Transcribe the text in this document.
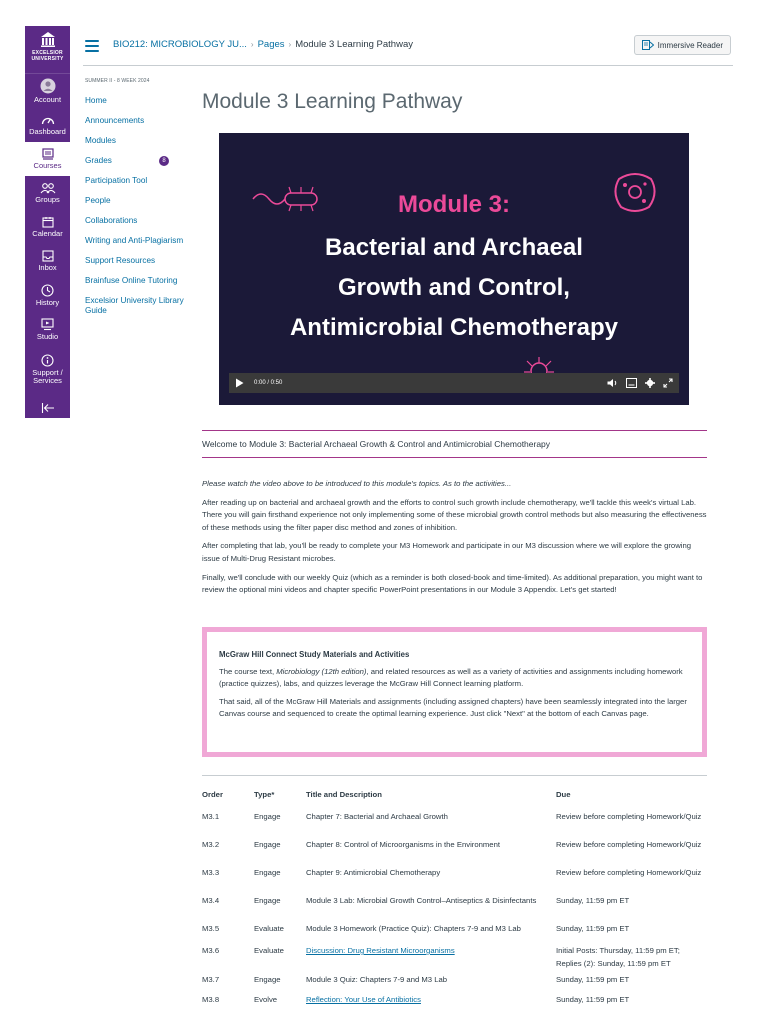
EXCELSIOR
UNIVERSITY
Account
Dashboard
Courses
Groups
Calendar
Inbox
History
Studio
Support / Services
BIO212: MICROBIOLOGY JU... › Pages › Module 3 Learning Pathway	Immersive Reader
SUMMER II - 8 WEEK 2024
Home
Announcements
Modules
Grades	8
Participation Tool
People
Collaborations
Writing and Anti-Plagiarism
Support Resources
Brainfuse Online Tutoring
Excelsior University Library Guide
Module 3 Learning Pathway
Module 3:
Bacterial and Archaeal
Growth and Control,
Antimicrobial Chemotherapy
0:00 / 0:50
Welcome to Module 3: Bacterial Archaeal Growth & Control and Antimicrobial Chemotherapy

Please watch the video above to be introduced to this module's topics. As to the activities...

After reading up on bacterial and archaeal growth and the efforts to control such growth include chemotherapy, we'll tackle this week's virtual Lab. There you will gain firsthand experience not only implementing some of these microbial growth control methods but also measuring the effectiveness of these methods using the filter paper disc method and zones of inhibition.

After completing that lab, you'll be ready to complete your M3 Homework and participate in our M3 discussion where we will explore the growing issue of Multi-Drug Resistant microbes.

Finally, we'll conclude with our weekly Quiz (which as a reminder is both closed-book and time-limited). As additional preparation, you might want to review the optional mini videos and chapter specific PowerPoint presentations in our Module 3 Appendix. Let's get started!

McGraw Hill Connect Study Materials and Activities

The course text, Microbiology (12th edition), and related resources as well as a variety of activities and assignments including homework (practice quizzes), labs, and quizzes leverage the McGraw Hill Connect learning platform.

That said, all of the McGraw Hill Materials and assignments (including assigned chapters) have been seamlessly integrated into the larger Canvas course and sequenced to create the optimal learning experience. Just click "Next" at the bottom of each Canvas page.

Order	Type*	Title and Description	Due
M3.1	Engage	Chapter 7: Bacterial and Archaeal Growth	Review before completing Homework/Quiz
M3.2	Engage	Chapter 8: Control of Microorganisms in the Environment	Review before completing Homework/Quiz
M3.3	Engage	Chapter 9: Antimicrobial Chemotherapy	Review before completing Homework/Quiz
M3.4	Engage	Module 3 Lab: Microbial Growth Control–Antiseptics & Disinfectants	Sunday, 11:59 pm ET
M3.5	Evaluate	Module 3 Homework (Practice Quiz): Chapters 7-9 and M3 Lab	Sunday, 11:59 pm ET
M3.6	Evaluate	Discussion: Drug Resistant Microorganisms	Initial Posts: Thursday, 11:59 pm ET; Replies (2): Sunday, 11:59 pm ET
M3.7	Engage	Module 3 Quiz: Chapters 7-9 and M3 Lab	Sunday, 11:59 pm ET
M3.8	Evolve	Reflection: Your Use of Antibiotics	Sunday, 11:59 pm ET
